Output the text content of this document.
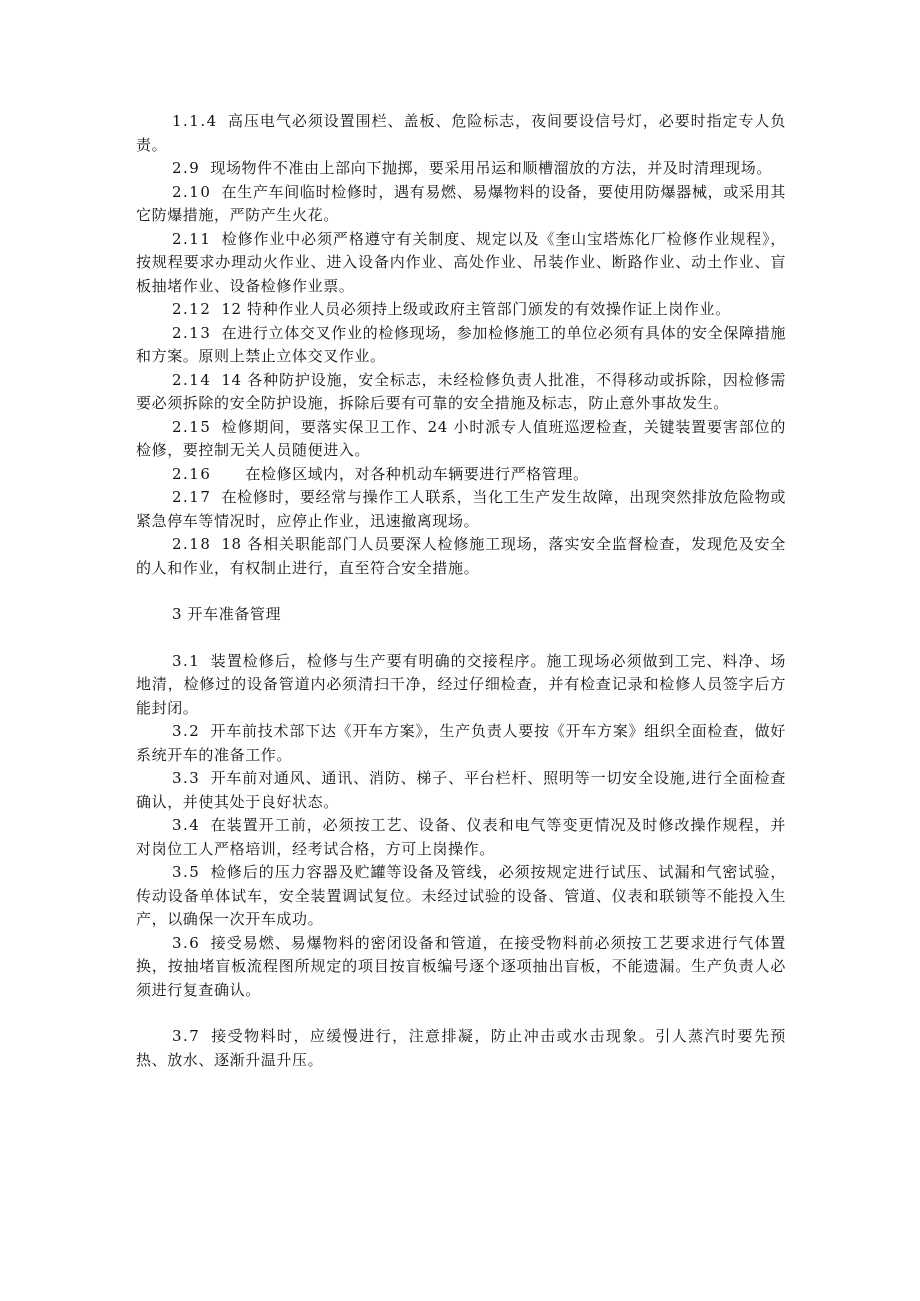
1.1.4 高压电气必须设置围栏、盖板、危险标志，夜间要设信号灯，必要时指定专人负责。

2.9 现场物件不准由上部向下抛掷，要采用吊运和顺槽溜放的方法，并及时清理现场。

2.10 在生产车间临时检修时，遇有易燃、易爆物料的设备，要使用防爆器械，或采用其它防爆措施，严防产生火花。

2.11 检修作业中必须严格遵守有关制度、规定以及《奎山宝塔炼化厂检修作业规程》，按规程要求办理动火作业、进入设备内作业、高处作业、吊装作业、断路作业、动土作业、盲板抽堵作业、设备检修作业票。

2.12 12 特种作业人员必须持上级或政府主管部门颁发的有效操作证上岗作业。

2.13 在进行立体交叉作业的检修现场，参加检修施工的单位必须有具体的安全保障措施和方案。原则上禁止立体交叉作业。

2.14 14 各种防护设施，安全标志，未经检修负责人批准，不得移动或拆除，因检修需要必须拆除的安全防护设施，拆除后要有可靠的安全措施及标志，防止意外事故发生。

2.15 检修期间，要落实保卫工作、24 小时派专人值班巡逻检查，关键装置要害部位的检修，要控制无关人员随便进入。

2.16 在检修区域内，对各种机动车辆要进行严格管理。

2.17 在检修时，要经常与操作工人联系，当化工生产发生故障，出现突然排放危险物或紧急停车等情况时，应停止作业，迅速撤离现场。

2.18 18 各相关职能部门人员要深人检修施工现场，落实安全监督检查，发现危及安全的人和作业，有权制止进行，直至符合安全措施。

3 开车准备管理

3.1 装置检修后，检修与生产要有明确的交接程序。施工现场必须做到工完、料净、场地清，检修过的设备管道内必须清扫干净，经过仔细检查，并有检查记录和检修人员签字后方能封闭。

3.2 开车前技术部下达《开车方案》，生产负责人要按《开车方案》组织全面检查，做好系统开车的准备工作。

3.3 开车前对通风、通讯、消防、梯子、平台栏杆、照明等一切安全设施,进行全面检查确认，并使其处于良好状态。

3.4 在装置开工前，必须按工艺、设备、仪表和电气等变更情况及时修改操作规程，并对岗位工人严格培训，经考试合格，方可上岗操作。

3.5 检修后的压力容器及贮罐等设备及管线，必须按规定进行试压、试漏和气密试验，传动设备单体试车，安全装置调试复位。未经过试验的设备、管道、仪表和联锁等不能投入生产，以确保一次开车成功。

3.6 接受易燃、易爆物料的密闭设备和管道，在接受物料前必须按工艺要求进行气体置换，按抽堵盲板流程图所规定的项目按盲板编号逐个逐项抽出盲板，不能遗漏。生产负责人必须进行复查确认。

3.7 接受物料时，应缓慢进行，注意排凝，防止冲击或水击现象。引人蒸汽时要先预热、放水、逐渐升温升压。
